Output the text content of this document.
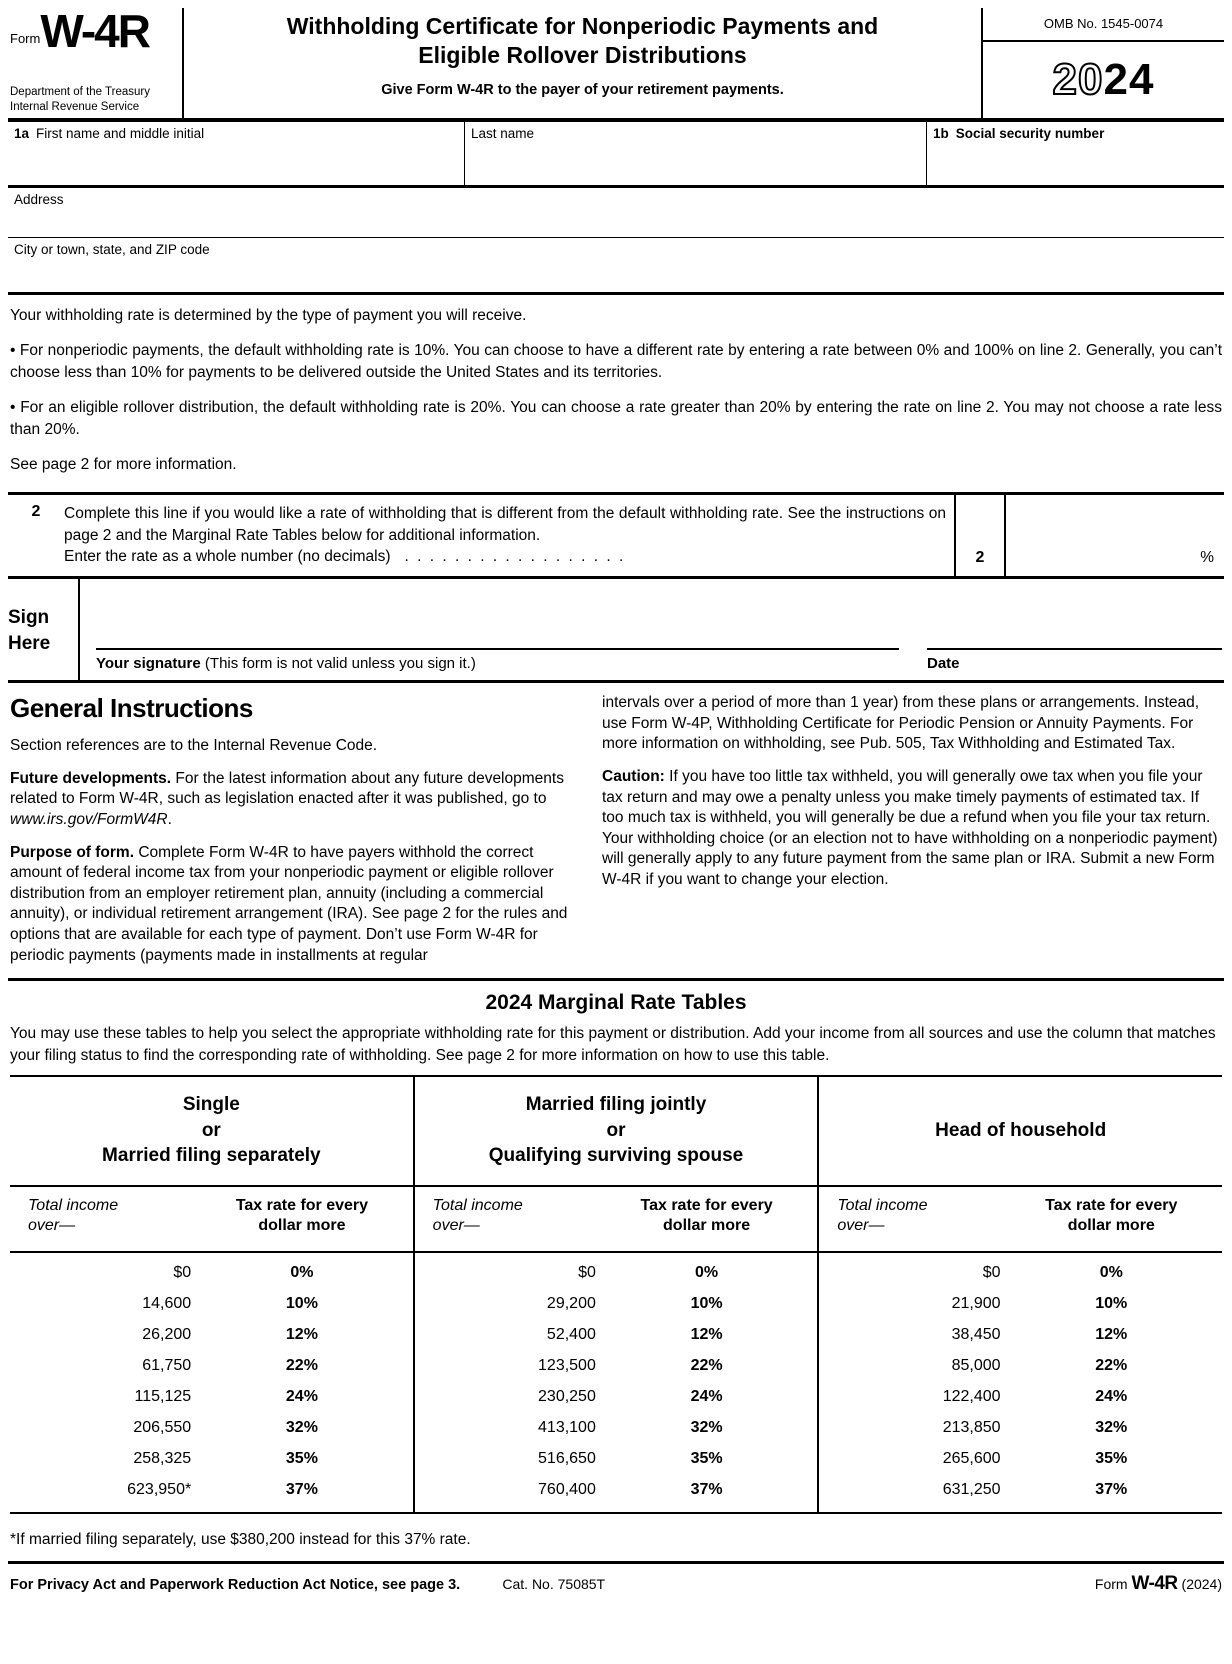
Form W-4R
Department of the Treasury
Internal Revenue Service
Withholding Certificate for Nonperiodic Payments and
Eligible Rollover Distributions
Give Form W-4R to the payer of your retirement payments.
OMB No. 1545-0074
20 24
1a First name and middle initial	Last name	1b Social security number
Address
City or town, state, and ZIP code

Your withholding rate is determined by the type of payment you will receive.

• For nonperiodic payments, the default withholding rate is 10%. You can choose to have a different rate by entering a rate between 0% and 100% on line 2. Generally, you can’t choose less than 10% for payments to be delivered outside the United States and its territories.

• For an eligible rollover distribution, the default withholding rate is 20%. You can choose a rate greater than 20% by entering the rate on line 2. You may not choose a rate less than 20%.

See page 2 for more information.

2	Complete this line if you would like a rate of withholding that is different from the default withholding rate. See the instructions on page 2 and the Marginal Rate Tables below for additional information.
Enter the rate as a whole number (no decimals) . . . . . . . . . . . . . . . . . .	2	%
Sign
Here
Your signature (This form is not valid unless you sign it.)	Date
General Instructions

Section references are to the Internal Revenue Code.

Future developments. For the latest information about any future developments related to Form W-4R, such as legislation enacted after it was published, go to www.irs.gov/FormW4R.

Purpose of form. Complete Form W-4R to have payers withhold the correct amount of federal income tax from your nonperiodic payment or eligible rollover distribution from an employer retirement plan, annuity (including a commercial annuity), or individual retirement arrangement (IRA). See page 2 for the rules and options that are available for each type of payment. Don’t use Form W-4R for periodic payments (payments made in installments at regular

intervals over a period of more than 1 year) from these plans or arrangements. Instead, use Form W-4P, Withholding Certificate for Periodic Pension or Annuity Payments. For more information on withholding, see Pub. 505, Tax Withholding and Estimated Tax.

Caution: If you have too little tax withheld, you will generally owe tax when you file your tax return and may owe a penalty unless you make timely payments of estimated tax. If too much tax is withheld, you will generally be due a refund when you file your tax return. Your withholding choice (or an election not to have withholding on a nonperiodic payment) will generally apply to any future payment from the same plan or IRA. Submit a new Form W-4R if you want to change your election.

2024 Marginal Rate Tables
You may use these tables to help you select the appropriate withholding rate for this payment or distribution. Add your income from all sources and use the column that matches your filing status to find the corresponding rate of withholding. See page 2 for more information on how to use this table.
Single
or
Married filing separately
Total income
over—
Tax rate for every
dollar more
$0	0%
14,600	10%
26,200	12%
61,750	22%
115,125	24%
206,550	32%
258,325	35%
623,950*	37%
Married filing jointly
or
Qualifying surviving spouse
Total income
over—
Tax rate for every
dollar more
$0	0%
29,200	10%
52,400	12%
123,500	22%
230,250	24%
413,100	32%
516,650	35%
760,400	37%
Head of household
Total income
over—
Tax rate for every
dollar more
$0	0%
21,900	10%
38,450	12%
85,000	22%
122,400	24%
213,850	32%
265,600	35%
631,250	37%
*If married filing separately, use $380,200 instead for this 37% rate.
For Privacy Act and Paperwork Reduction Act Notice, see page 3.	Cat. No. 75085T	Form W-4R (2024)
